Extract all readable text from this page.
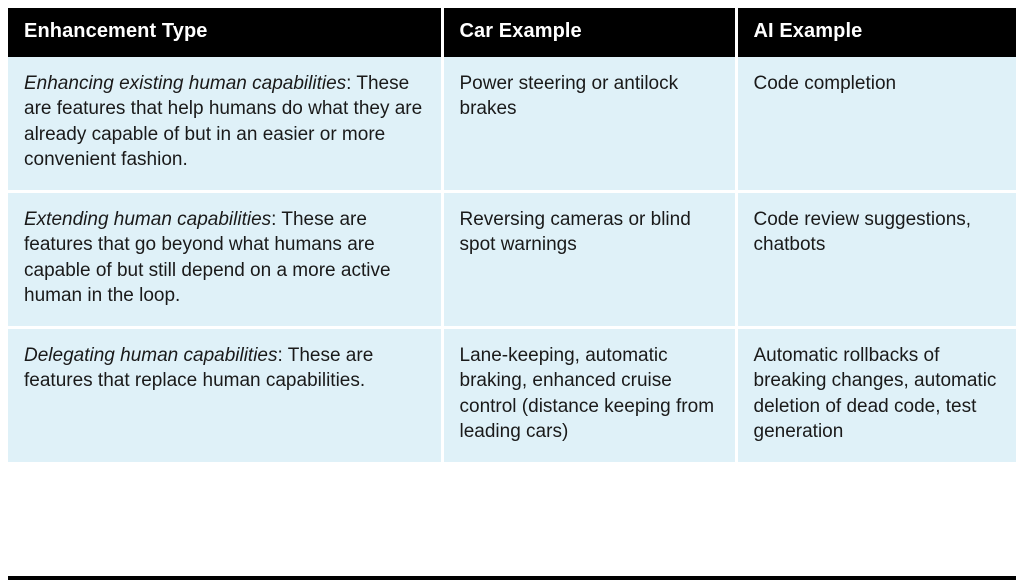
Enhancement Type	Car Example	AI Example
Enhancing existing human capabilities: These are features that help humans do what they are already capable of but in an easier or more convenient fashion.	Power steering or antilock brakes	Code completion
Extending human capabilities: These are features that go beyond what humans are capable of but still depend on a more active human in the loop.	Reversing cameras or blind spot warnings	Code review suggestions, chatbots
Delegating human capabilities: These are features that replace human capabilities.	Lane-keeping, automatic braking, enhanced cruise control (distance keeping from leading cars)	Automatic rollbacks of breaking changes, automatic deletion of dead code, test generation
